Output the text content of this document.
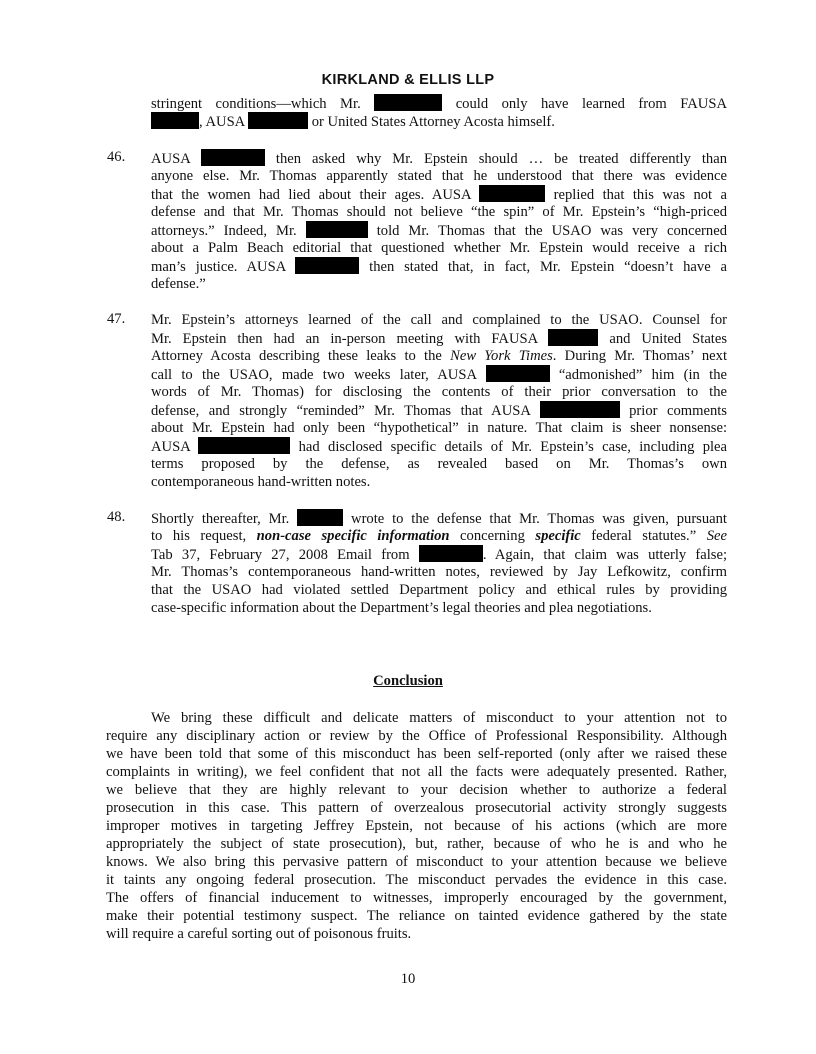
KIRKLAND & ELLIS LLP
stringent conditions—which Mr.	could only have learned from FAUSA
, AUSA	or United States Attorney Acosta himself.
46. AUSA	then asked why Mr. Epstein should … be treated differently than
anyone else. Mr. Thomas apparently stated that he understood that there was evidence
that the women had lied about their ages. AUSA	replied that this was not a
defense and that Mr. Thomas should not believe “the spin” of Mr. Epstein’s “high-priced
attorneys.” Indeed, Mr.	told Mr. Thomas that the USAO was very concerned
about a Palm Beach editorial that questioned whether Mr. Epstein would receive a rich
man’s justice. AUSA	then stated that, in fact, Mr. Epstein “doesn’t have a
defense.”
47. Mr. Epstein’s attorneys learned of the call and complained to the USAO. Counsel for
Mr. Epstein then had an in-person meeting with FAUSA	and United States
Attorney Acosta describing these leaks to the New York Times. During Mr. Thomas’ next
call to the USAO, made two weeks later, AUSA	“admonished” him (in the
words of Mr. Thomas) for disclosing the contents of their prior conversation to the
defense, and strongly “reminded” Mr. Thomas that AUSA	prior comments
about Mr. Epstein had only been “hypothetical” in nature. That claim is sheer nonsense:
AUSA	had disclosed specific details of Mr. Epstein’s case, including plea
terms proposed by the defense, as revealed based on Mr. Thomas’s own
contemporaneous hand-written notes.
48. Shortly thereafter, Mr.	wrote to the defense that Mr. Thomas was given, pursuant
to his request, non-case specific information concerning specific federal statutes.” See
Tab 37, February 27, 2008 Email from	. Again, that claim was utterly false;
Mr. Thomas’s contemporaneous hand-written notes, reviewed by Jay Lefkowitz, confirm
that the USAO had violated settled Department policy and ethical rules by providing
case-specific information about the Department’s legal theories and plea negotiations.
Conclusion
We bring these difficult and delicate matters of misconduct to your attention not to
require any disciplinary action or review by the Office of Professional Responsibility. Although
we have been told that some of this misconduct has been self-reported (only after we raised these
complaints in writing), we feel confident that not all the facts were adequately presented. Rather,
we believe that they are highly relevant to your decision whether to authorize a federal
prosecution in this case. This pattern of overzealous prosecutorial activity strongly suggests
improper motives in targeting Jeffrey Epstein, not because of his actions (which are more
appropriately the subject of state prosecution), but, rather, because of who he is and who he
knows. We also bring this pervasive pattern of misconduct to your attention because we believe
it taints any ongoing federal prosecution. The misconduct pervades the evidence in this case.
The offers of financial inducement to witnesses, improperly encouraged by the government,
make their potential testimony suspect. The reliance on tainted evidence gathered by the state
will require a careful sorting out of poisonous fruits.
10
